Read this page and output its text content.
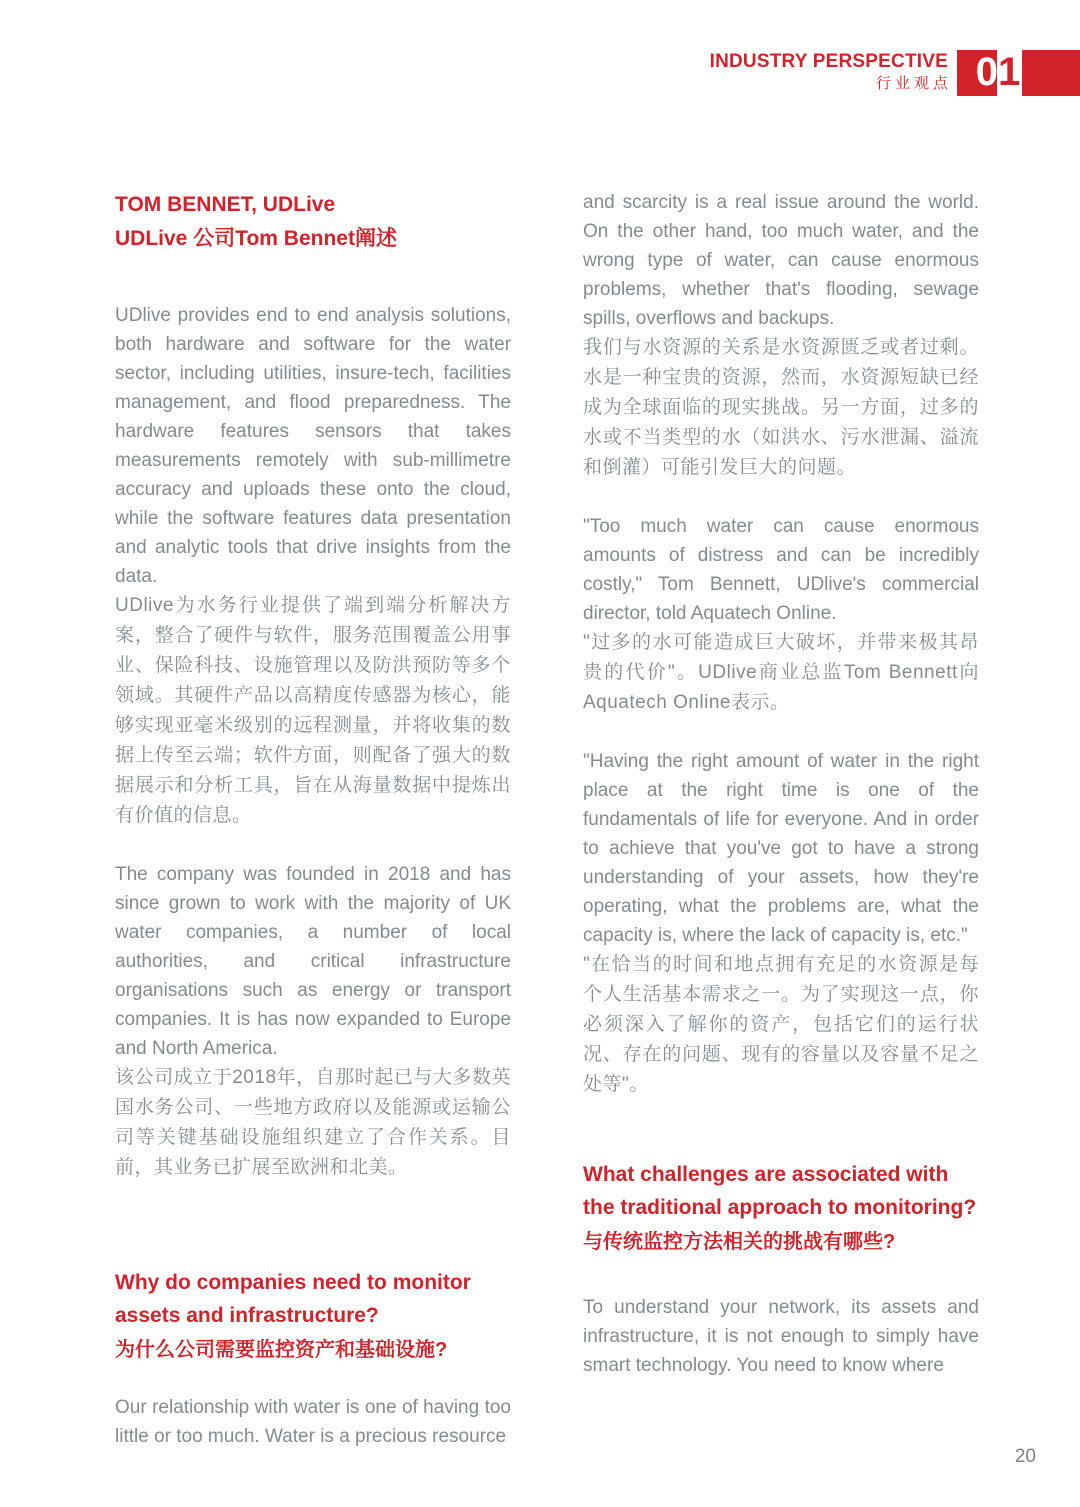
INDUSTRY PERSPECTIVE
行业观点 0 1
TOM BENNET, UDLive
UDLive 公司Tom Bennet阐述

UDlive provides end to end analysis solutions, both hardware and software for the water sector, including utilities, insure-tech, facilities management, and flood preparedness. The hardware features sensors that takes measurements remotely with sub-millimetre accuracy and uploads these onto the cloud, while the software features data presentation and analytic tools that drive insights from the data.

UDlive为水务行业提供了端到端分析解决方案，整合了硬件与软件，服务范围覆盖公用事业、保险科技、设施管理以及防洪预防等多个领域。其硬件产品以高精度传感器为核心，能够实现亚毫米级别的远程测量，并将收集的数据上传至云端；软件方面，则配备了强大的数据展示和分析工具，旨在从海量数据中提炼出有价值的信息。

The company was founded in 2018 and has since grown to work with the majority of UK water companies, a number of local authorities, and critical infrastructure organisations such as energy or transport companies. It is has now expanded to Europe and North America.

该公司成立于2018年，自那时起已与大多数英国水务公司、一些地方政府以及能源或运输公司等关键基础设施组织建立了合作关系。目前，其业务已扩展至欧洲和北美。

Why do companies need to monitor assets and infrastructure?
为什么公司需要监控资产和基础设施?

Our relationship with water is one of having too little or too much. Water is a precious resource

and scarcity is a real issue around the world. On the other hand, too much water, and the wrong type of water, can cause enormous problems, whether that's flooding, sewage spills, overflows and backups.

我们与水资源的关系是水资源匮乏或者过剩。水是一种宝贵的资源，然而，水资源短缺已经成为全球面临的现实挑战。另一方面，过多的水或不当类型的水（如洪水、污水泄漏、溢流和倒灌）可能引发巨大的问题。

"Too much water can cause enormous amounts of distress and can be incredibly costly," Tom Bennett, UDlive's commercial director, told Aquatech Online.

"过多的水可能造成巨大破坏，并带来极其昂贵的代价"。UDlive商业总监Tom Bennett向Aquatech Online表示。

"Having the right amount of water in the right place at the right time is one of the fundamentals of life for everyone. And in order to achieve that you've got to have a strong understanding of your assets, how they're operating, what the problems are, what the capacity is, where the lack of capacity is, etc."

"在恰当的时间和地点拥有充足的水资源是每个人生活基本需求之一。为了实现这一点，你必须深入了解你的资产，包括它们的运行状况、存在的问题、现有的容量以及容量不足之处等"。

What challenges are associated with the traditional approach to monitoring?
与传统监控方法相关的挑战有哪些?

To understand your network, its assets and infrastructure, it is not enough to simply have smart technology. You need to know where

20
